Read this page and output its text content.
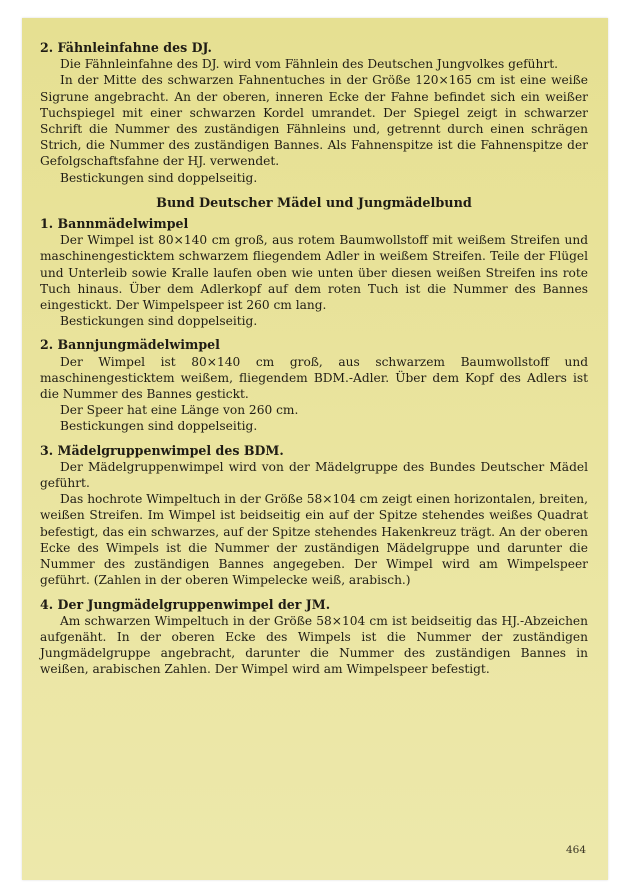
2. Fähnleinfahne des DJ.

Die Fähnleinfahne des DJ. wird vom Fähnlein des Deutschen Jungvolkes geführt.

In der Mitte des schwarzen Fahnentuches in der Größe 120×165 cm ist eine weiße Sigrune angebracht. An der oberen, inneren Ecke der Fahne befindet sich ein weißer Tuchspiegel mit einer schwarzen Kordel umrandet. Der Spiegel zeigt in schwarzer Schrift die Nummer des zuständigen Fähnleins und, getrennt durch einen schrägen Strich, die Nummer des zuständigen Bannes. Als Fahnenspitze ist die Fahnenspitze der Gefolgschaftsfahne der HJ. verwendet.

Bestickungen sind doppelseitig.

Bund Deutscher Mädel und Jungmädelbund

1. Bannmädelwimpel

Der Wimpel ist 80×140 cm groß, aus rotem Baumwollstoff mit weißem Streifen und maschinengesticktem schwarzem fliegendem Adler in weißem Streifen. Teile der Flügel und Unterleib sowie Kralle laufen oben wie unten über diesen weißen Streifen ins rote Tuch hinaus. Über dem Adlerkopf auf dem roten Tuch ist die Nummer des Bannes eingestickt. Der Wimpelspeer ist 260 cm lang.

Bestickungen sind doppelseitig.

2. Bannjungmädelwimpel

Der Wimpel ist 80×140 cm groß, aus schwarzem Baumwollstoff und maschinengesticktem weißem, fliegendem BDM.-Adler. Über dem Kopf des Adlers ist die Nummer des Bannes gestickt.

Der Speer hat eine Länge von 260 cm.

Bestickungen sind doppelseitig.

3. Mädelgruppenwimpel des BDM.

Der Mädelgruppenwimpel wird von der Mädelgruppe des Bundes Deutscher Mädel geführt.

Das hochrote Wimpeltuch in der Größe 58×104 cm zeigt einen horizontalen, breiten, weißen Streifen. Im Wimpel ist beidseitig ein auf der Spitze stehendes weißes Quadrat befestigt, das ein schwarzes, auf der Spitze stehendes Hakenkreuz trägt. An der oberen Ecke des Wimpels ist die Nummer der zuständigen Mädelgruppe und darunter die Nummer des zuständigen Bannes angegeben. Der Wimpel wird am Wimpelspeer geführt. (Zahlen in der oberen Wimpelecke weiß, arabisch.)

4. Der Jungmädelgruppenwimpel der JM.

Am schwarzen Wimpeltuch in der Größe 58×104 cm ist beidseitig das HJ.-Abzeichen aufgenäht. In der oberen Ecke des Wimpels ist die Nummer der zuständigen Jungmädelgruppe angebracht, darunter die Nummer des zuständigen Bannes in weißen, arabischen Zahlen. Der Wimpel wird am Wimpelspeer befestigt.

464
